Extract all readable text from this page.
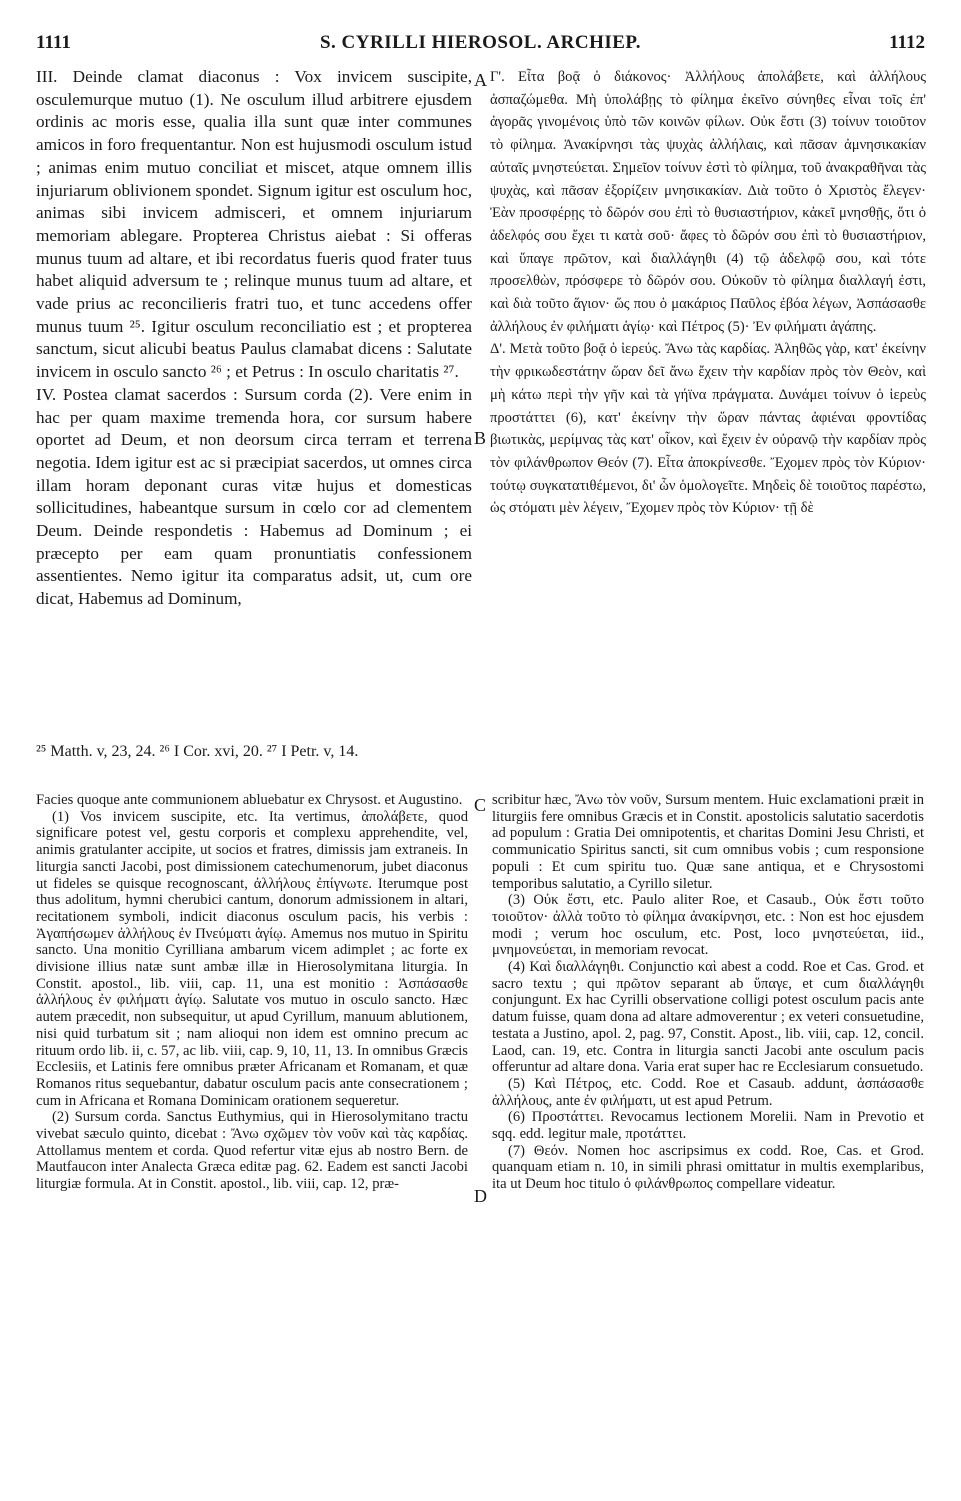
1111	S. CYRILLI HIEROSOL. ARCHIEP.	1112

III. Deinde clamat diaconus : Vox invicem suscipite, osculemurque mutuo (1). Ne osculum illud arbitrere ejusdem ordinis ac moris esse, qualia illa sunt quæ inter communes amicos in foro frequentantur. Non est hujusmodi osculum istud ; animas enim mutuo conciliat et miscet, atque omnem illis injuriarum oblivionem spondet. Signum igitur est osculum hoc, animas sibi invicem admisceri, et omnem injuriarum memoriam ablegare. Propterea Christus aiebat : Si offeras munus tuum ad altare, et ibi recordatus fueris quod frater tuus habet aliquid adversum te ; relinque munus tuum ad altare, et vade prius ac reconcilieris fratri tuo, et tunc accedens offer munus tuum ²⁵. Igitur osculum reconciliatio est ; et propterea sanctum, sicut alicubi beatus Paulus clamabat dicens : Salutate invicem in osculo sancto ²⁶ ; et Petrus : In osculo charitatis ²⁷.

IV. Postea clamat sacerdos : Sursum corda (2). Vere enim in hac per quam maxime tremenda hora, cor sursum habere oportet ad Deum, et non deorsum circa terram et terrena negotia. Idem igitur est ac si præcipiat sacerdos, ut omnes circa illam horam deponant curas vitæ hujus et domesticas sollicitudines, habeantque sursum in cœlo cor ad clementem Deum. Deinde respondetis : Habemus ad Dominum ; ei præcepto per eam quam pronuntiatis confessionem assentientes. Nemo igitur ita comparatus adsit, ut, cum ore dicat, Habemus ad Dominum,

Γ'. Εἶτα βοᾷ ὁ διάκονος· Ἀλλήλους ἀπολάβετε, καὶ ἀλλήλους ἀσπαζώμεθα. Μὴ ὑπολάβῃς τὸ φίλημα ἐκεῖνο σύνηθες εἶναι τοῖς ἐπ' ἀγορᾶς γινομένοις ὑπὸ τῶν κοινῶν φίλων. Οὐκ ἔστι (3) τοίνυν τοιοῦτον τὸ φίλημα. Ἀνακίρνησι τὰς ψυχὰς ἀλλήλαις, καὶ πᾶσαν ἀμνησικακίαν αὐταῖς μνηστεύεται. Σημεῖον τοίνυν ἐστὶ τὸ φίλημα, τοῦ ἀνακραθῆναι τὰς ψυχὰς, καὶ πᾶσαν ἐξορίζειν μνησικακίαν. Διὰ τοῦτο ὁ Χριστὸς ἔλεγεν· Ἐὰν προσφέρῃς τὸ δῶρόν σου ἐπὶ τὸ θυσιαστήριον, κἀκεῖ μνησθῇς, ὅτι ὁ ἀδελφός σου ἔχει τι κατὰ σοῦ· ἄφες τὸ δῶρόν σου ἐπὶ τὸ θυσιαστήριον, καὶ ὕπαγε πρῶτον, καὶ διαλλάγηθι (4) τῷ ἀδελφῷ σου, καὶ τότε προσελθὼν, πρόσφερε τὸ δῶρόν σου. Οὐκοῦν τὸ φίλημα διαλλαγή ἐστι, καὶ διὰ τοῦτο ἅγιον· ὥς που ὁ μακάριος Παῦλος ἐβόα λέγων, Ἀσπάσασθε ἀλλήλους ἐν φιλήματι ἁγίῳ· καὶ Πέτρος (5)· Ἐν φιλήματι ἀγάπης.

Δ'. Μετὰ τοῦτο βοᾷ ὁ ἱερεύς. Ἄνω τὰς καρδίας. Ἀληθῶς γὰρ, κατ' ἐκείνην τὴν φρικωδεστάτην ὥραν δεῖ ἄνω ἔχειν τὴν καρδίαν πρὸς τὸν Θεὸν, καὶ μὴ κάτω περὶ τὴν γῆν καὶ τὰ γήϊνα πράγματα. Δυνάμει τοίνυν ὁ ἱερεὺς προστάττει (6), κατ' ἐκείνην τὴν ὥραν πάντας ἀφιέναι φροντίδας βιωτικὰς, μερίμνας τὰς κατ' οἶκον, καὶ ἔχειν ἐν οὐρανῷ τὴν καρδίαν πρὸς τὸν φιλάνθρωπον Θεόν (7). Εἶτα ἀποκρίνεσθε. Ἔχομεν πρὸς τὸν Κύριον· τούτῳ συγκατατιθέμενοι, δι' ὧν ὁμολογεῖτε. Μηδεὶς δὲ τοιοῦτος παρέστω, ὡς στόματι μὲν λέγειν, Ἔχομεν πρὸς τὸν Κύριον· τῇ δὲ

A
B
C
D
²⁵ Matth. v, 23, 24. ²⁶ I Cor. xvi, 20. ²⁷ I Petr. v, 14.

Facies quoque ante communionem abluebatur ex Chrysost. et Augustino.

(1) Vos invicem suscipite, etc. Ita vertimus, ἀπολάβετε, quod significare potest vel, gestu corporis et complexu apprehendite, vel, animis gratulanter accipite, ut socios et fratres, dimissis jam extraneis. In liturgia sancti Jacobi, post dimissionem catechumenorum, jubet diaconus ut fideles se quisque recognoscant, ἀλλήλους ἐπίγνωτε. Iterumque post thus adolitum, hymni cherubici cantum, donorum admissionem in altari, recitationem symboli, indicit diaconus osculum pacis, his verbis : Ἀγαπήσωμεν ἀλλήλους ἐν Πνεύματι ἁγίῳ. Amemus nos mutuo in Spiritu sancto. Una monitio Cyrilliana ambarum vicem adimplet ; ac forte ex divisione illius natæ sunt ambæ illæ in Hierosolymitana liturgia. In Constit. apostol., lib. viii, cap. 11, una est monitio : Ἀσπάσασθε ἀλλήλους ἐν φιλήματι ἁγίῳ. Salutate vos mutuo in osculo sancto. Hæc autem præcedit, non subsequitur, ut apud Cyrillum, manuum ablutionem, nisi quid turbatum sit ; nam alioqui non idem est omnino precum ac rituum ordo lib. ii, c. 57, ac lib. viii, cap. 9, 10, 11, 13. In omnibus Græcis Ecclesiis, et Latinis fere omnibus præter Africanam et Romanam, et quæ Romanos ritus sequebantur, dabatur osculum pacis ante consecrationem ; cum in Africana et Romana Dominicam orationem sequeretur.

(2) Sursum corda. Sanctus Euthymius, qui in Hierosolymitano tractu vivebat sæculo quinto, dicebat : Ἄνω σχῶμεν τὸν νοῦν καὶ τὰς καρδίας. Attollamus mentem et corda. Quod refertur vitæ ejus ab nostro Bern. de Mautfaucon inter Analecta Græca editæ pag. 62. Eadem est sancti Jacobi liturgiæ formula. At in Constit. apostol., lib. viii, cap. 12, præ-

scribitur hæc, Ἄνω τὸν νοῦν, Sursum mentem. Huic exclamationi præit in liturgiis fere omnibus Græcis et in Constit. apostolicis salutatio sacerdotis ad populum : Gratia Dei omnipotentis, et charitas Domini Jesu Christi, et communicatio Spiritus sancti, sit cum omnibus vobis ; cum responsione populi : Et cum spiritu tuo. Quæ sane antiqua, et e Chrysostomi temporibus salutatio, a Cyrillo siletur.

(3) Οὐκ ἔστι, etc. Paulo aliter Roe, et Casaub., Οὐκ ἔστι τοῦτο τοιοῦτον· ἀλλὰ τοῦτο τὸ φίλημα ἀνακίρνησι, etc. : Non est hoc ejusdem modi ; verum hoc osculum, etc. Post, loco μνηστεύεται, iid., μνημονεύεται, in memoriam revocat.

(4) Καὶ διαλλάγηθι. Conjunctio καὶ abest a codd. Roe et Cas. Grod. et sacro textu ; qui πρῶτον separant ab ὕπαγε, et cum διαλλάγηθι conjungunt. Ex hac Cyrilli observatione colligi potest osculum pacis ante datum fuisse, quam dona ad altare admoverentur ; ex veteri consuetudine, testata a Justino, apol. 2, pag. 97, Constit. Apost., lib. viii, cap. 12, concil. Laod, can. 19, etc. Contra in liturgia sancti Jacobi ante osculum pacis offeruntur ad altare dona. Varia erat super hac re Ecclesiarum consuetudo.

(5) Καὶ Πέτρος, etc. Codd. Roe et Casaub. addunt, ἀσπάσασθε ἀλλήλους, ante ἐν φιλήματι, ut est apud Petrum.

(6) Προστάττει. Revocamus lectionem Morelii. Nam in Prevotio et sqq. edd. legitur male, προτάττει.

(7) Θεόν. Nomen hoc ascripsimus ex codd. Roe, Cas. et Grod. quanquam etiam n. 10, in simili phrasi omittatur in multis exemplaribus, ita ut Deum hoc titulo ὁ φιλάνθρωπος compellare videatur.
